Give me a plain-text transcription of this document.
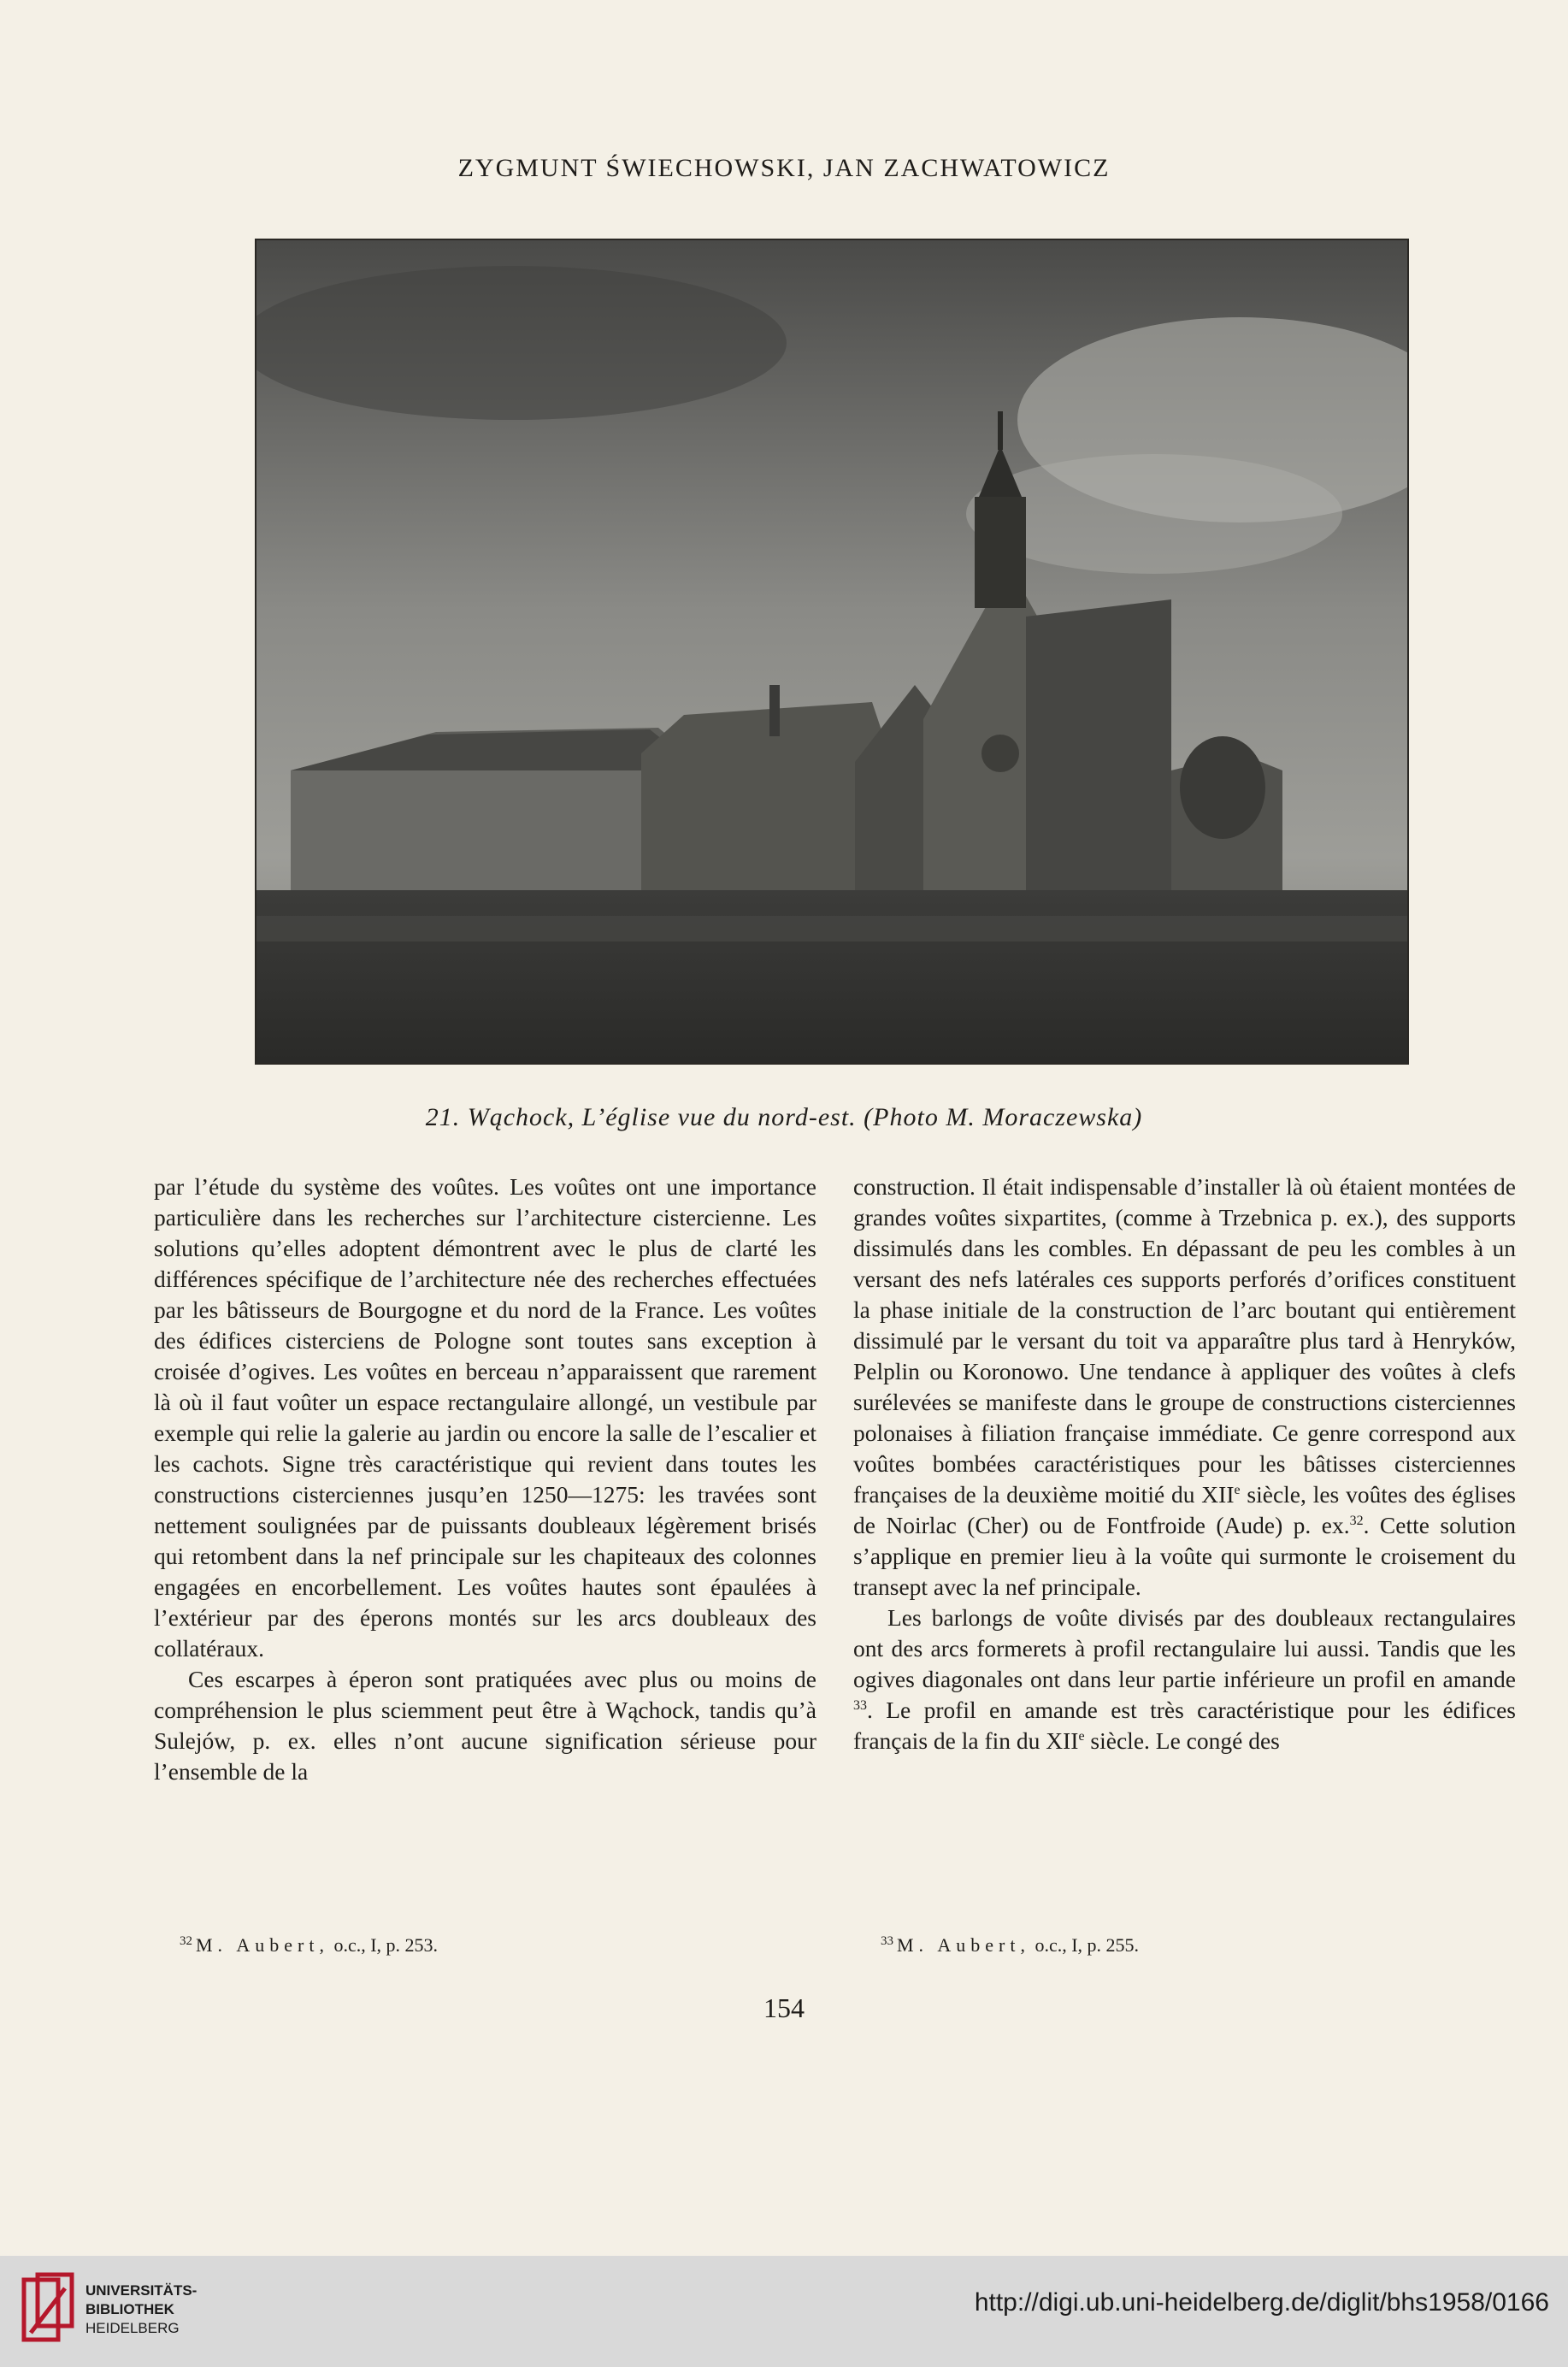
ZYGMUNT ŚWIECHOWSKI, JAN ZACHWATOWICZ
21. Wąchock, L’église vue du nord-est. (Photo M. Moraczewska)

par l’étude du système des voûtes. Les voûtes ont une importance particulière dans les recherches sur l’architecture cistercienne. Les solutions qu’elles adoptent démontrent avec le plus de clarté les différences spécifique de l’architecture née des recherches effectuées par les bâtisseurs de Bourgogne et du nord de la France. Les voûtes des édifices cisterciens de Pologne sont toutes sans exception à croisée d’ogives. Les voûtes en berceau n’apparaissent que rarement là où il faut voûter un espace rectangulaire allongé, un vestibule par exemple qui relie la galerie au jardin ou encore la salle de l’escalier et les cachots. Signe très caractéristique qui revient dans toutes les constructions cisterciennes jusqu’en 1250—1275: les travées sont nettement soulignées par de puissants doubleaux légèrement brisés qui retombent dans la nef principale sur les chapiteaux des colonnes engagées en encorbellement. Les voûtes hautes sont épaulées à l’extérieur par des éperons montés sur les arcs doubleaux des collatéraux.

Ces escarpes à éperon sont pratiquées avec plus ou moins de compréhension le plus sciemment peut être à Wąchock, tandis qu’à Sulejów, p. ex. elles n’ont aucune signification sérieuse pour l’ensemble de la

construction. Il était indispensable d’installer là où étaient montées de grandes voûtes sixpartites, (comme à Trzebnica p. ex.), des supports dissimulés dans les combles. En dépassant de peu les combles à un versant des nefs latérales ces supports perforés d’orifices constituent la phase initiale de la construction de l’arc boutant qui entièrement dissimulé par le versant du toit va apparaître plus tard à Henryków, Pelplin ou Koronowo. Une tendance à appliquer des voûtes à clefs surélevées se manifeste dans le groupe de constructions cisterciennes polonaises à filiation française immédiate. Ce genre correspond aux voûtes bombées caractéristiques pour les bâtisses cisterciennes françaises de la deuxième moitié du XIIe siècle, les voûtes des églises de Noirlac (Cher) ou de Fontfroide (Aude) p. ex.$^{32}$. Cette solution s’applique en premier lieu à la voûte qui surmonte le croisement du transept avec la nef principale.

Les barlongs de voûte divisés par des doubleaux rectangulaires ont des arcs formerets à profil rectangulaire lui aussi. Tandis que les ogives diagonales ont dans leur partie inférieure un profil en amande $^{33}$. Le profil en amande est très caractéristique pour les édifices français de la fin du XIIe siècle. Le congé des

$^{32}$ M. Aubert, o.c., I, p. 253.	$^{33}$ M. Aubert, o.c., I, p. 255.
154
UNIVERSITÄTS-
BIBLIOTHEK
HEIDELBERG
http://digi.ub.uni-heidelberg.de/diglit/bhs1958/0166
